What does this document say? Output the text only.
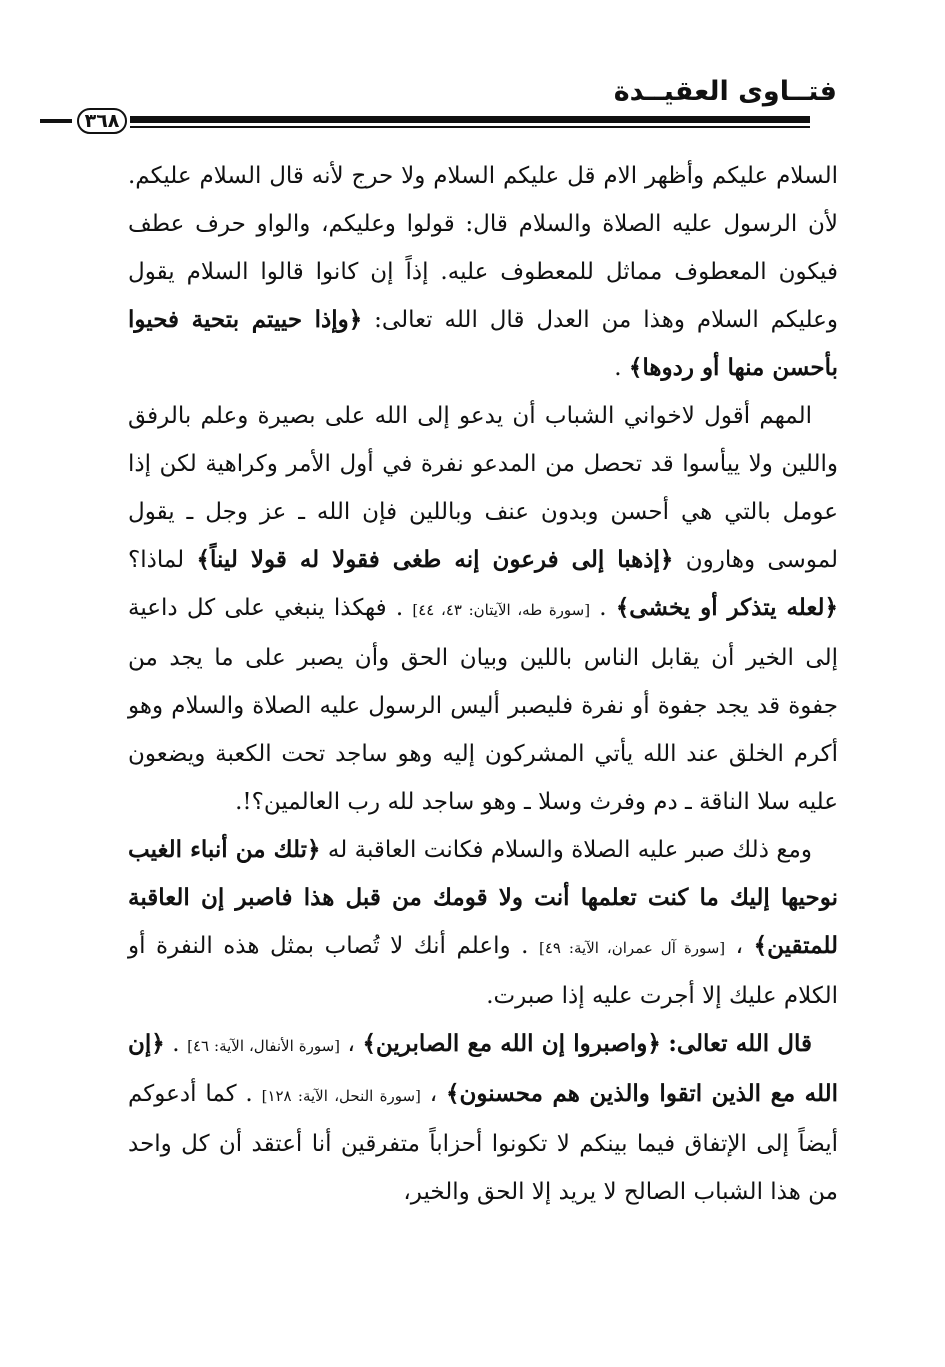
فتــاوى العقيــدة
٣٦٨

السلام عليكم وأظهر الام قل عليكم السلام ولا حرج لأنه قال السلام عليكم. لأن الرسول عليه الصلاة والسلام قال: قولوا وعليكم، والواو حرف عطف فيكون المعطوف مماثل للمعطوف عليه. إذاً إن كانوا قالوا السلام يقول وعليكم السلام وهذا من العدل قال الله تعالى: ﴿وإذا حييتم بتحية فحيوا بأحسن منها أو ردوها﴾ .

المهم أقول لاخواني الشباب أن يدعو إلى الله على بصيرة وعلم بالرفق واللين ولا ييأسوا قد تحصل من المدعو نفرة في أول الأمر وكراهية لكن إذا عومل بالتي هي أحسن وبدون عنف وباللين فإن الله ـ عز وجل ـ يقول لموسى وهارون ﴿إذهبا إلى فرعون إنه طغى فقولا له قولا ليناً﴾ لماذا؟ ﴿لعله يتذكر أو يخشى﴾ . [سورة طه، الآيتان: ٤٣، ٤٤] . فهكذا ينبغي على كل داعية إلى الخير أن يقابل الناس باللين وبيان الحق وأن يصبر على ما يجد من جفوة قد يجد جفوة أو نفرة فليصبر أليس الرسول عليه الصلاة والسلام وهو أكرم الخلق عند الله يأتي المشركون إليه وهو ساجد تحت الكعبة ويضعون عليه سلا الناقة ـ دم وفرث وسلا ـ وهو ساجد لله رب العالمين؟!.

ومع ذلك صبر عليه الصلاة والسلام فكانت العاقبة له ﴿تلك من أنباء الغيب نوحيها إليك ما كنت تعلمها أنت ولا قومك من قبل هذا فاصبر إن العاقبة للمتقين﴾ ، [سورة آل عمران، الآية: ٤٩] . واعلم أنك لا تُصاب بمثل هذه النفرة أو الكلام عليك إلا أجرت عليه إذا صبرت.

قال الله تعالى: ﴿واصبروا إن الله مع الصابرين﴾ ، [سورة الأنفال، الآية: ٤٦] . ﴿إن الله مع الذين اتقوا والذين هم محسنون﴾ ، [سورة النحل، الآية: ١٢٨] . كما أدعوكم أيضاً إلى الإتفاق فيما بينكم لا تكونوا أحزاباً متفرقين أنا أعتقد أن كل واحد من هذا الشباب الصالح لا يريد إلا الحق والخير،
